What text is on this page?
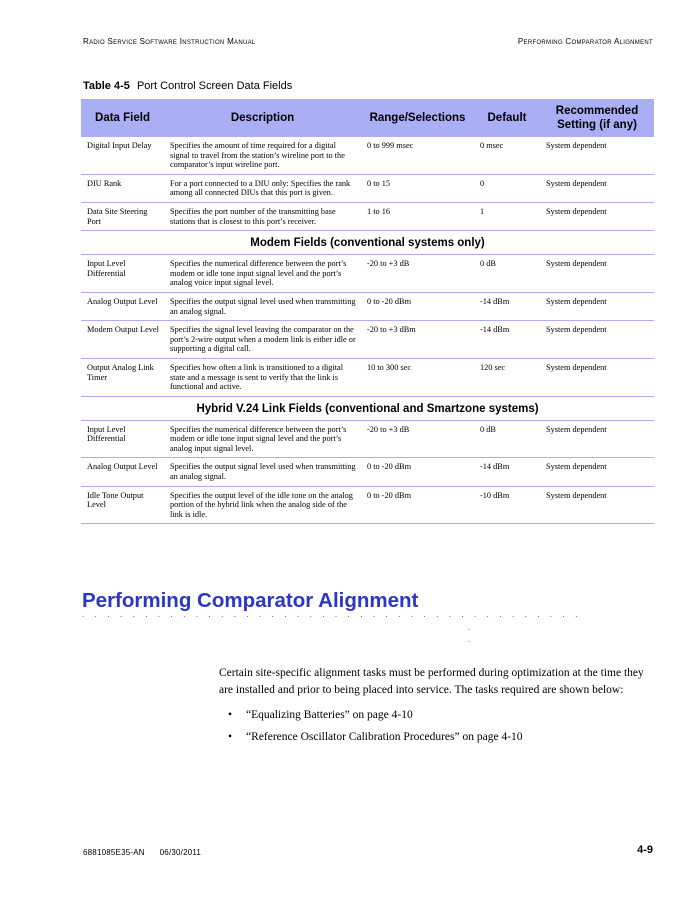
Radio Service Software Instruction Manual	Performing Comparator Alignment
Table 4-5 Port Control Screen Data Fields
Data Field	Description	Range/Selections	Default	Recommended Setting (if any)
Digital Input Delay	Specifies the amount of time required for a digital signal to travel from the station’s wireline port to the comparator’s input wireline port.	0 to 999 msec	0 msec	System dependent
DIU Rank	For a port connected to a DIU only: Specifies the rank among all connected DIUs that this port is given.	0 to 15	0	System dependent
Data Site Steering Port	Specifies the port number of the transmitting base stations that is closest to this port’s receiver.	1 to 16	1	System dependent
Modem Fields (conventional systems only)				
Input Level Differential	Specifies the numerical difference between the port’s modem or idle tone input signal level and the port’s analog voice input signal level.	-20 to +3 dB	0 dB	System dependent
Analog Output Level	Specifies the output signal level used when transmitting an analog signal.	0 to -20 dBm	-14 dBm	System dependent
Modem Output Level	Specifies the signal level leaving the comparator on the port’s 2-wire output when a modem link is either idle or supporting a digital call.	-20 to +3 dBm	-14 dBm	System dependent
Output Analog Link Timer	Specifies how often a link is transitioned to a digital state and a message is sent to verify that the link is functional and active.	10 to 300 sec	120 sec	System dependent
Hybrid V.24 Link Fields (conventional and Smartzone systems)				
Input Level Differential	Specifies the numerical difference between the port’s modem or idle tone input signal level and the port’s analog input signal level.	-20 to +3 dB	0 dB	System dependent
Analog Output Level	Specifies the output signal level used when transmitting an analog signal.	0 to -20 dBm	-14 dBm	System dependent
Idle Tone Output Level	Specifies the output level of the idle tone on the analog portion of the hybrid link when the analog side of the link is idle.	0 to -20 dBm	-10 dBm	System dependent
Performing Comparator Alignment
. . . . . . . . . . . . . . . . . . . . . . . . . . . . . . . . . . . . . . . .
.
.

Certain site-specific alignment tasks must be performed during optimization at the time they are installed and prior to being placed into service. The tasks required are shown below:

• “Equalizing Batteries” on page 4-10
• “Reference Oscillator Calibration Procedures” on page 4-10
6881085E35-AN 06/30/2011	4-9
